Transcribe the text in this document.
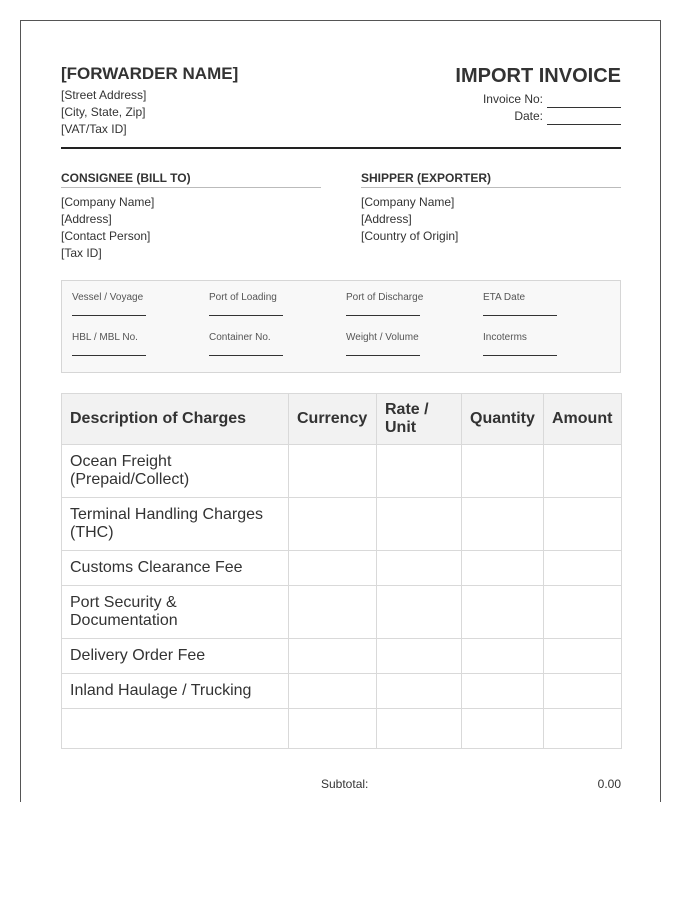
[FORWARDER NAME]
[Street Address]
[City, State, Zip]
[VAT/Tax ID]
IMPORT INVOICE
Invoice No:
Date:
CONSIGNEE (BILL TO)
[Company Name]
[Address]
[Contact Person]
[Tax ID]
SHIPPER (EXPORTER)
[Company Name]
[Address]
[Country of Origin]
Vessel / Voyage	Port of Loading	Port of Discharge	ETA Date
HBL / MBL No.	Container No.	Weight / Volume	Incoterms
Description of Charges	Currency	Rate / Unit	Quantity	Amount
Ocean Freight (Prepaid/Collect)				
Terminal Handling Charges (THC)				
Customs Clearance Fee				
Port Security & Documentation				
Delivery Order Fee				
Inland Haulage / Trucking				

Subtotal:	0.00
